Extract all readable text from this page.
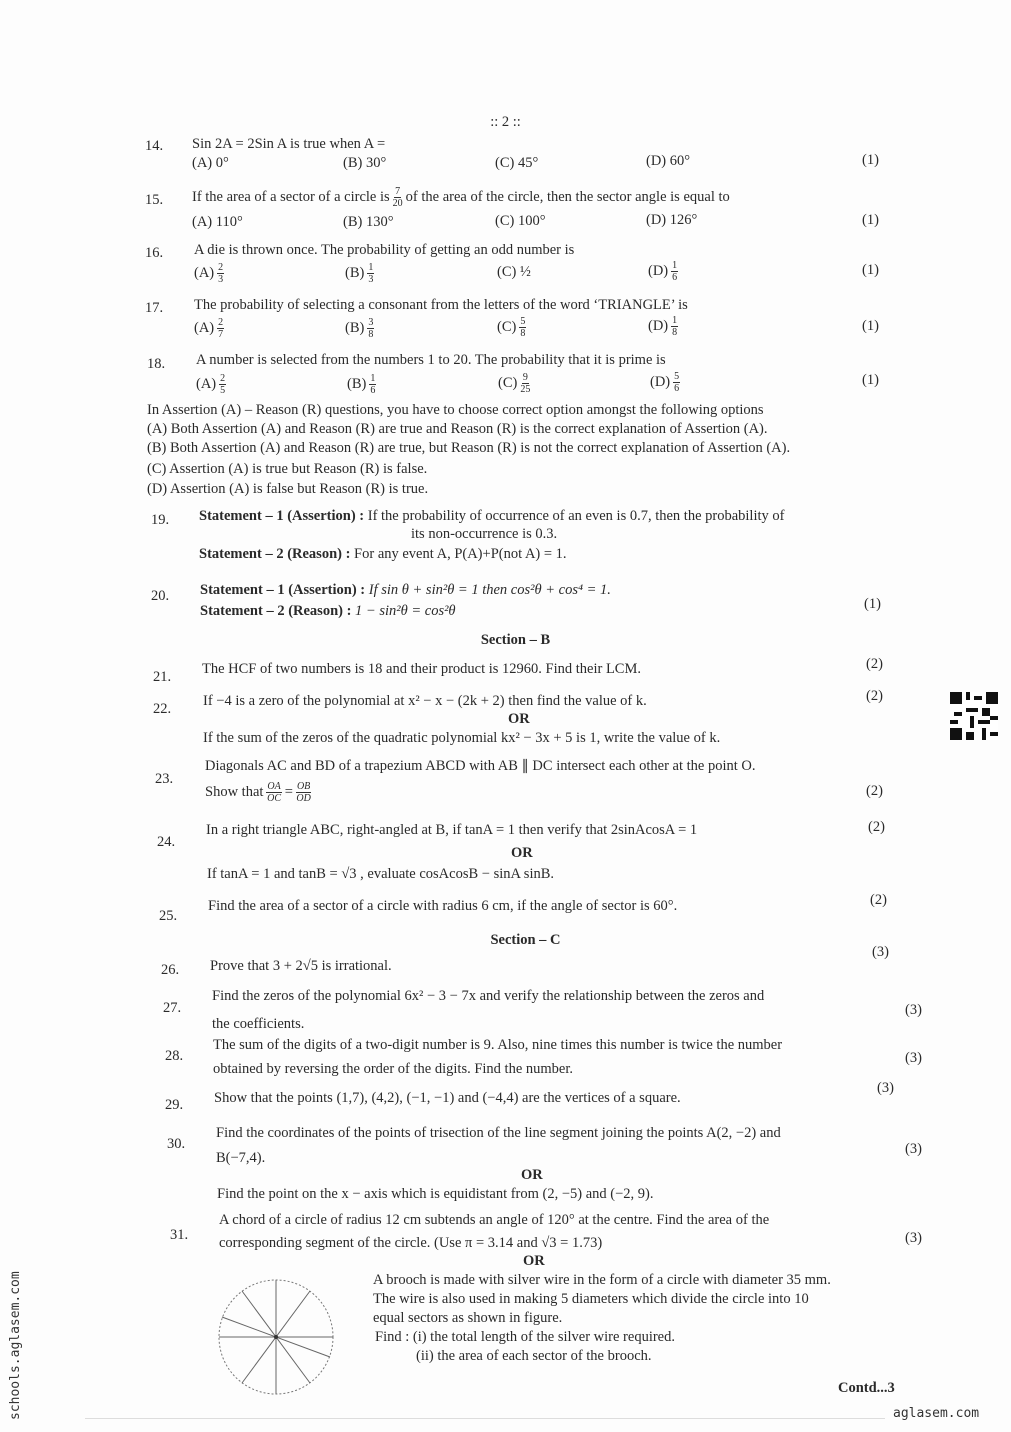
:: 2 ::
14. Sin 2A = 2Sin A is true when A =
(A) 0°	(B) 30°	(C) 45°	(D) 60°	(1)
15. If the area of a sector of a circle is $\frac{7}{20}$ of the area of the circle, then the sector angle is equal to
(A) 110°	(B) 130°	(C) 100°	(D) 126°	(1)
16. A die is thrown once. The probability of getting an odd number is
$(A) \frac{2}{3}$	$(B) \frac{1}{3}$	(C) ½	$(D) \frac{1}{6}$	(1)
17. The probability of selecting a consonant from the letters of the word ‘TRIANGLE’ is
$(A) \frac{2}{7}$	$(B) \frac{3}{8}$	$(C) \frac{5}{8}$	$(D) \frac{1}{8}$	(1)
18. A number is selected from the numbers 1 to 20. The probability that it is prime is
$(A) \frac{2}{5}$	$(B) \frac{1}{6}$	$(C) \frac{9}{25}$	$(D) \frac{5}{6}$	(1)
In Assertion (A) – Reason (R) questions, you have to choose correct option amongst the following options
(A) Both Assertion (A) and Reason (R) are true and Reason (R) is the correct explanation of Assertion (A).
(B) Both Assertion (A) and Reason (R) are true, but Reason (R) is not the correct explanation of Assertion (A).
(C) Assertion (A) is true but Reason (R) is false.
(D) Assertion (A) is false but Reason (R) is true.
19. Statement – 1 (Assertion) : If the probability of occurrence of an even is 0.7, then the probability of
its non-occurrence is 0.3.
Statement – 2 (Reason) : For any event A, P(A)+P(not A) = 1.
20. Statement – 1 (Assertion) : If sin θ + sin²θ = 1 then cos²θ + cos⁴ = 1.
Statement – 2 (Reason) : 1 − sin²θ = cos²θ	(1)
Section – B
21. The HCF of two numbers is 18 and their product is 12960. Find their LCM.	(2)
22. If −4 is a zero of the polynomial at x² − x − (2k + 2) then find the value of k.
OR
If the sum of the zeros of the quadratic polynomial kx² − 3x + 5 is 1, write the value of k.
(2)
23.
Diagonals AC and BD of a trapezium ABCD with AB ∥ DC intersect each other at the point O.
Show that $\frac{OA}{OC} = \frac{OB}{OD}$	(2)
24.
In a right triangle ABC, right-angled at B, if tanA = 1 then verify that 2sinAcosA = 1
OR
If tanA = 1 and tanB = √3 , evaluate cosAcosB − sinA sinB.
(2)
25.
Find the area of a sector of a circle with radius 6 cm, if the angle of sector is 60°.	(2)
Section – C
26. Prove that 3 + 2√5 is irrational.
(3)
27.
Find the zeros of the polynomial 6x² − 3 − 7x and verify the relationship between the zeros and
the coefficients.
(3)
28.
The sum of the digits of a two-digit number is 9. Also, nine times this number is twice the number
obtained by reversing the order of the digits. Find the number.
(3)
29. Show that the points (1,7), (4,2), (−1, −1) and (−4,4) are the vertices of a square.
(3)
30.
Find the coordinates of the points of trisection of the line segment joining the points A(2, −2) and
B(−7,4).
OR
Find the point on the x − axis which is equidistant from (2, −5) and (−2, 9).
(3)
31.
A chord of a circle of radius 12 cm subtends an angle of 120° at the centre. Find the area of the
corresponding segment of the circle. (Use π = 3.14 and √3 = 1.73)
OR
(3)
A brooch is made with silver wire in the form of a circle with diameter 35 mm.
The wire is also used in making 5 diameters which divide the circle into 10
equal sectors as shown in figure.
Find : (i) the total length of the silver wire required.
(ii) the area of each sector of the brooch.
Contd...3
schools.aglasem.com	aglasem.com
